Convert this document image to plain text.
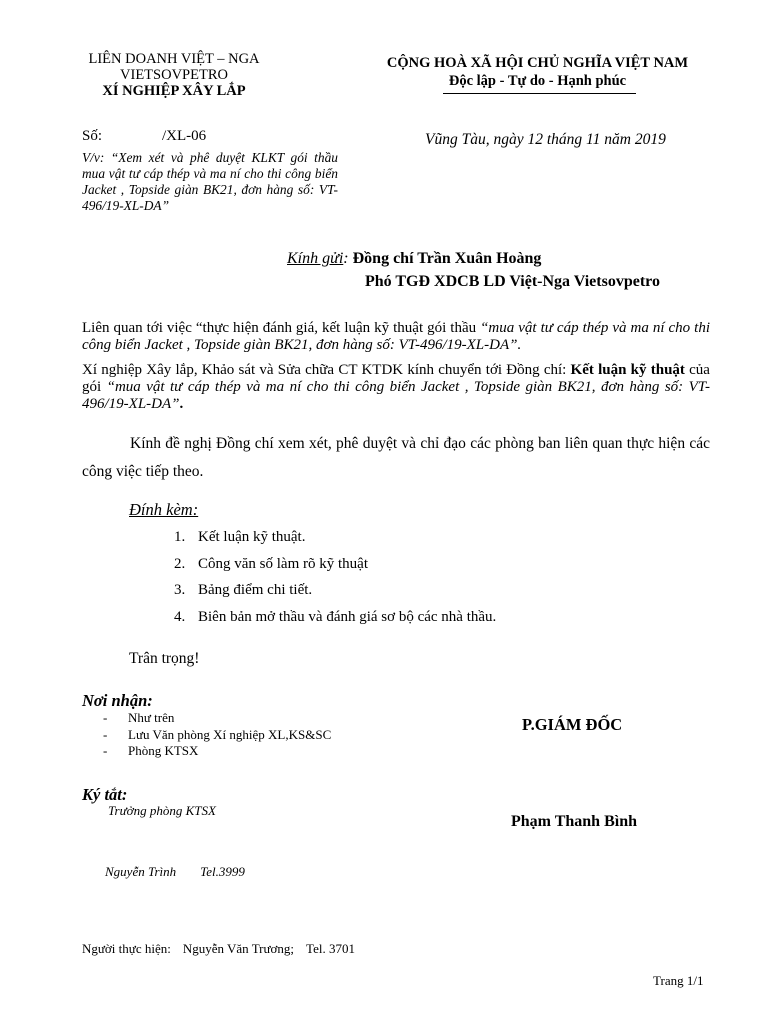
LIÊN DOANH VIỆT – NGA
VIETSOVPETRO
XÍ NGHIỆP XÂY LẮP
CỘNG HOÀ XÃ HỘI CHỦ NGHĨA VIỆT NAM
Độc lập - Tự do - Hạnh phúc
Số:	/XL-06	Vũng Tàu, ngày 12 tháng 11 năm 2019
V/v: “Xem xét và phê duyệt KLKT gói thầu mua vật tư cáp thép và ma ní cho thi công biển Jacket , Topside giàn BK21, đơn hàng số: VT-496/19-XL-DA”
Kính gửi: Đồng chí Trần Xuân Hoàng
Phó TGĐ XDCB LD Việt-Nga Vietsovpetro
Liên quan tới việc “thực hiện đánh giá, kết luận kỹ thuật gói thầu “mua vật tư cáp thép và ma ní cho thi công biển Jacket , Topside giàn BK21, đơn hàng số: VT-496/19-XL-DA”.
Xí nghiệp Xây lắp, Khảo sát và Sửa chữa CT KTDK kính chuyển tới Đồng chí: Kết luận kỹ thuật của gói “mua vật tư cáp thép và ma ní cho thi công biển Jacket , Topside giàn BK21, đơn hàng số: VT-496/19-XL-DA”.
Kính đề nghị Đồng chí xem xét, phê duyệt và chỉ đạo các phòng ban liên quan thực hiện các công việc tiếp theo.
Đính kèm:
1. Kết luận kỹ thuật.
2. Công văn số làm rõ kỹ thuật
3. Bảng điểm chi tiết.
4. Biên bản mở thầu và đánh giá sơ bộ các nhà thầu.
Trân trọng!
Nơi nhận:
- Như trên
- Lưu Văn phòng Xí nghiệp XL,KS&SC
- Phòng KTSX
P.GIÁM ĐỐC
Phạm Thanh Bình
Ký tắt:
Trưởng phòng KTSX
Nguyễn Trình Tel.3999
Người thực hiện: Nguyễn Văn Trương; Tel. 3701
Trang 1/1
